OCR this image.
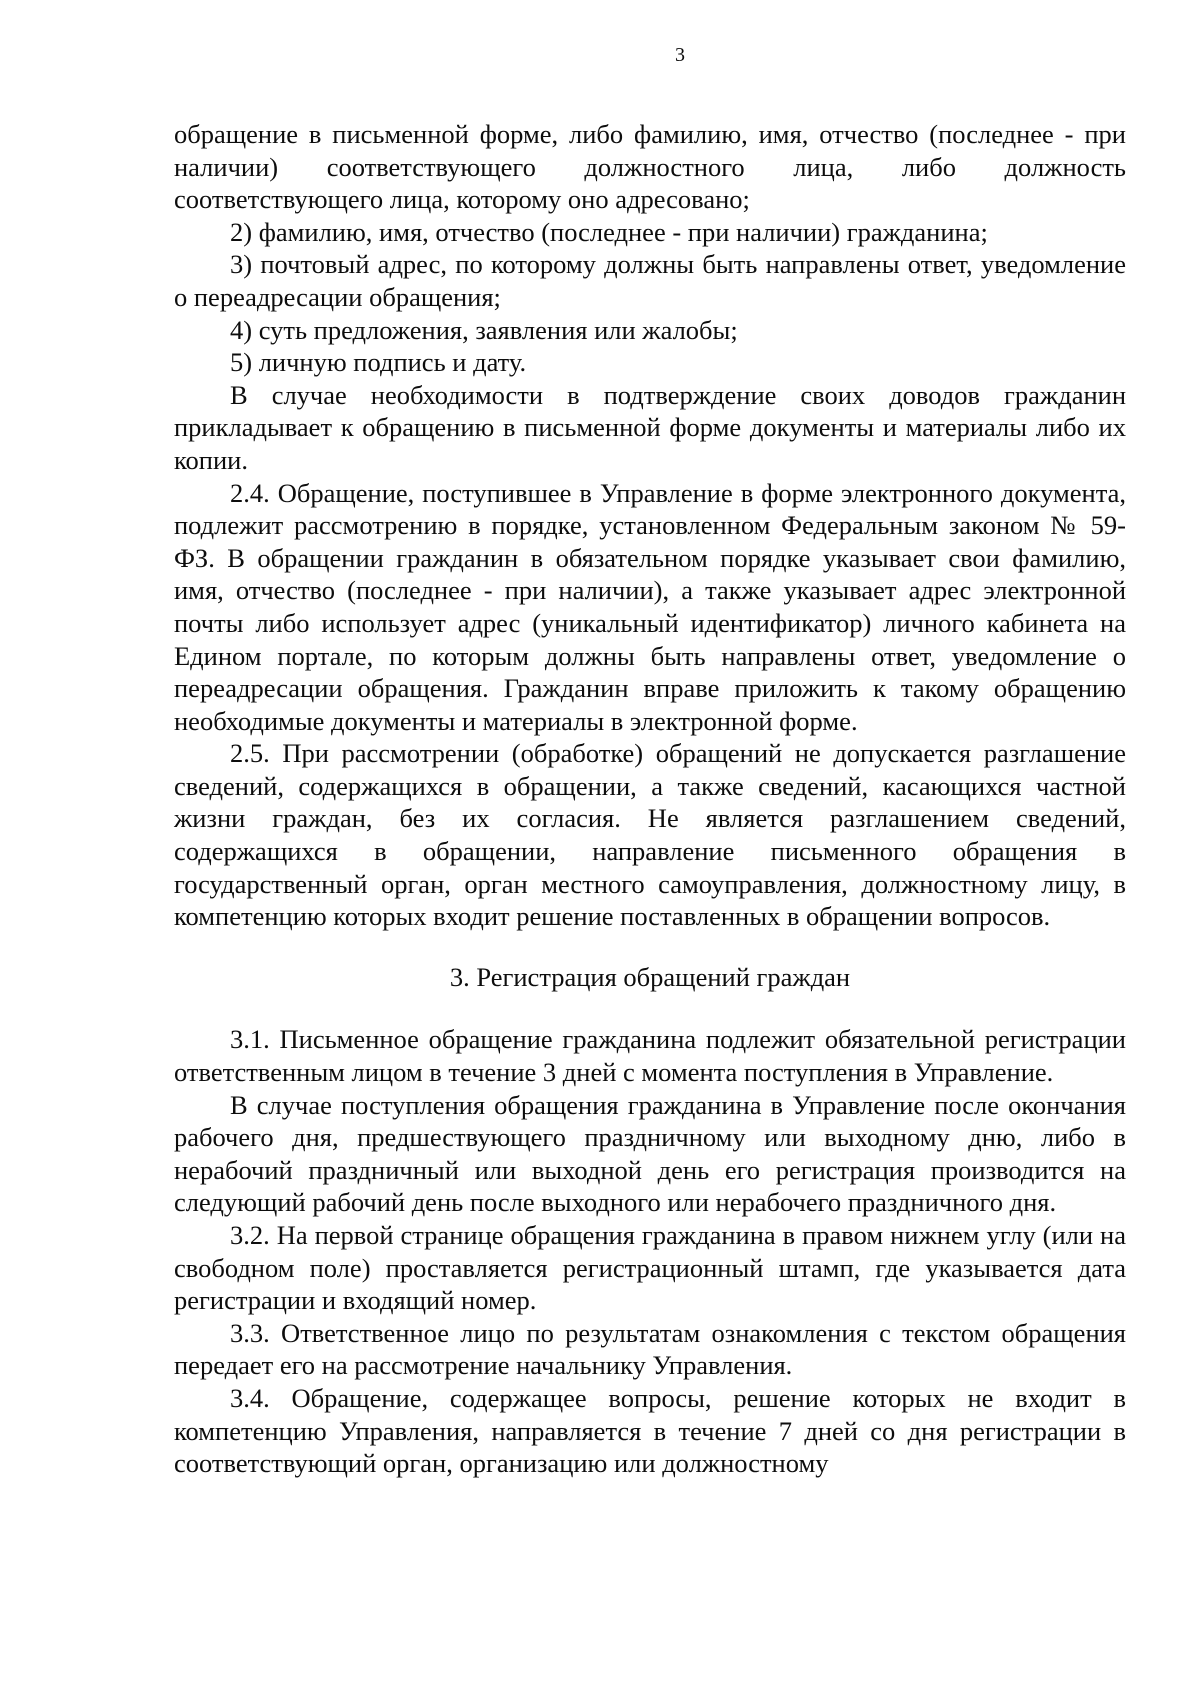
3

обращение в письменной форме, либо фамилию, имя, отчество (последнее - при наличии) соответствующего должностного лица, либо должность соответствующего лица, которому оно адресовано;

2) фамилию, имя, отчество (последнее - при наличии) гражданина;

3) почтовый адрес, по которому должны быть направлены ответ, уведомление о переадресации обращения;

4) суть предложения, заявления или жалобы;

5) личную подпись и дату.

В случае необходимости в подтверждение своих доводов гражданин прикладывает к обращению в письменной форме документы и материалы либо их копии.

2.4. Обращение, поступившее в Управление в форме электронного документа, подлежит рассмотрению в порядке, установленном Федеральным законом № 59-ФЗ. В обращении гражданин в обязательном порядке указывает свои фамилию, имя, отчество (последнее - при наличии), а также указывает адрес электронной почты либо использует адрес (уникальный идентификатор) личного кабинета на Едином портале, по которым должны быть направлены ответ, уведомление о переадресации обращения. Гражданин вправе приложить к такому обращению необходимые документы и материалы в электронной форме.

2.5. При рассмотрении (обработке) обращений не допускается разглашение сведений, содержащихся в обращении, а также сведений, касающихся частной жизни граждан, без их согласия. Не является разглашением сведений, содержащихся в обращении, направление письменного обращения в государственный орган, орган местного самоуправления, должностному лицу, в компетенцию которых входит решение поставленных в обращении вопросов.

3. Регистрация обращений граждан

3.1. Письменное обращение гражданина подлежит обязательной регистрации ответственным лицом в течение 3 дней с момента поступления в Управление.

В случае поступления обращения гражданина в Управление после окончания рабочего дня, предшествующего праздничному или выходному дню, либо в нерабочий праздничный или выходной день его регистрация производится на следующий рабочий день после выходного или нерабочего праздничного дня.

3.2. На первой странице обращения гражданина в правом нижнем углу (или на свободном поле) проставляется регистрационный штамп, где указывается дата регистрации и входящий номер.

3.3. Ответственное лицо по результатам ознакомления с текстом обращения передает его на рассмотрение начальнику Управления.

3.4. Обращение, содержащее вопросы, решение которых не входит в компетенцию Управления, направляется в течение 7 дней со дня регистрации в соответствующий орган, организацию или должностному
